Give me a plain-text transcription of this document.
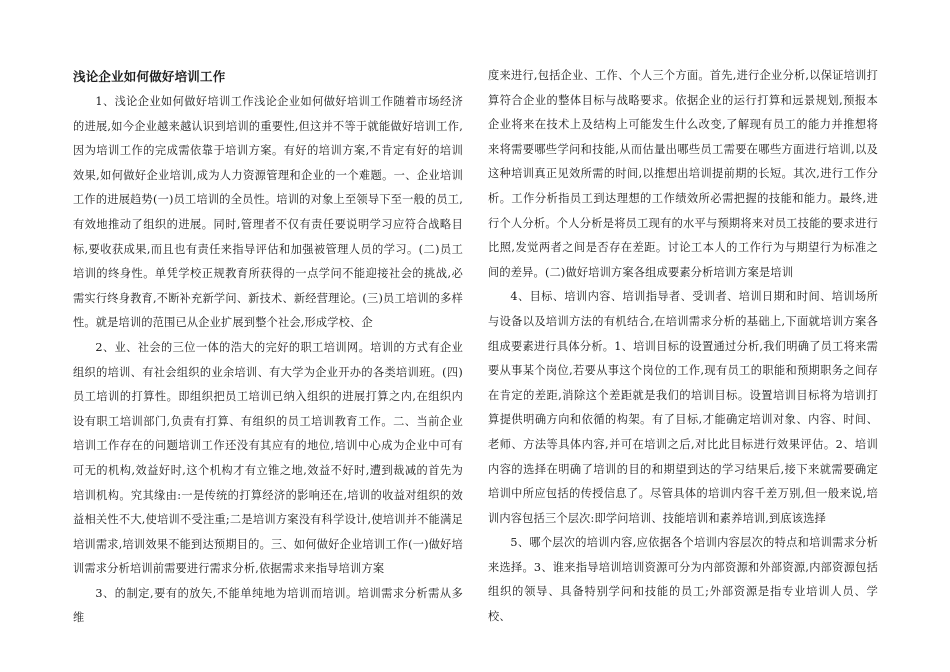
浅论企业如何做好培训工作

1、浅论企业如何做好培训工作浅论企业如何做好培训工作随着市场经济的进展,如今企业越来越认识到培训的重要性,但这并不等于就能做好培训工作,因为培训工作的完成需依靠于培训方案。有好的培训方案,不肯定有好的培训效果,如何做好企业培训,成为人力资源管理和企业的一个难题。一、企业培训工作的进展趋势(一)员工培训的全员性。培训的对象上至领导下至一般的员工,有效地推动了组织的进展。同时,管理者不仅有责任要说明学习应符合战略目标,要收获成果,而且也有责任来指导评估和加强被管理人员的学习。(二)员工培训的终身性。单凭学校正规教育所获得的一点学问不能迎接社会的挑战,必需实行终身教育,不断补充新学问、新技术、新经营理论。(三)员工培训的多样性。就是培训的范围已从企业扩展到整个社会,形成学校、企

2、业、社会的三位一体的浩大的完好的职工培训网。培训的方式有企业组织的培训、有社会组织的业余培训、有大学为企业开办的各类培训班。(四)员工培训的打算性。即组织把员工培训已纳入组织的进展打算之内,在组织内设有职工培训部门,负责有打算、有组织的员工培训教育工作。二、当前企业培训工作存在的问题培训工作还没有其应有的地位,培训中心成为企业中可有可无的机构,效益好时,这个机构才有立锥之地,效益不好时,遭到裁减的首先为培训机构。究其缘由:一是传统的打算经济的影响还在,培训的收益对组织的效益相关性不大,使培训不受注重;二是培训方案没有科学设计,使培训并不能满足培训需求,培训效果不能到达预期目的。三、如何做好企业培训工作(一)做好培训需求分析培训前需要进行需求分析,依据需求来指导培训方案

3、的制定,要有的放矢,不能单纯地为培训而培训。培训需求分析需从多维

度来进行,包括企业、工作、个人三个方面。首先,进行企业分析,以保证培训打算符合企业的整体目标与战略要求。依据企业的运行打算和远景规划,预报本企业将来在技术上及结构上可能发生什么改变,了解现有员工的能力并推想将来将需要哪些学问和技能,从而估量出哪些员工需要在哪些方面进行培训,以及这种培训真正见效所需的时间,以推想出培训提前期的长短。其次,进行工作分析。工作分析指员工到达理想的工作绩效所必需把握的技能和能力。最终,进行个人分析。个人分析是将员工现有的水平与预期将来对员工技能的要求进行比照,发觉两者之间是否存在差距。讨论工本人的工作行为与期望行为标准之间的差异。(二)做好培训方案各组成要素分析培训方案是培训

4、目标、培训内容、培训指导者、受训者、培训日期和时间、培训场所与设备以及培训方法的有机结合,在培训需求分析的基础上,下面就培训方案各组成要素进行具体分析。1、培训目标的设置通过分析,我们明确了员工将来需要从事某个岗位,若要从事这个岗位的工作,现有员工的职能和预期职务之间存在肯定的差距,消除这个差距就是我们的培训目标。设置培训目标将为培训打算提供明确方向和依循的构架。有了目标,才能确定培训对象、内容、时间、老师、方法等具体内容,并可在培训之后,对比此目标进行效果评估。2、培训内容的选择在明确了培训的目的和期望到达的学习结果后,接下来就需要确定培训中所应包括的传授信息了。尽管具体的培训内容千差万别,但一般来说,培训内容包括三个层次:即学问培训、技能培训和素养培训,到底该选择

5、哪个层次的培训内容,应依据各个培训内容层次的特点和培训需求分析来选择。3、谁来指导培训培训资源可分为内部资源和外部资源,内部资源包括组织的领导、具备特别学问和技能的员工;外部资源是指专业培训人员、学校、
